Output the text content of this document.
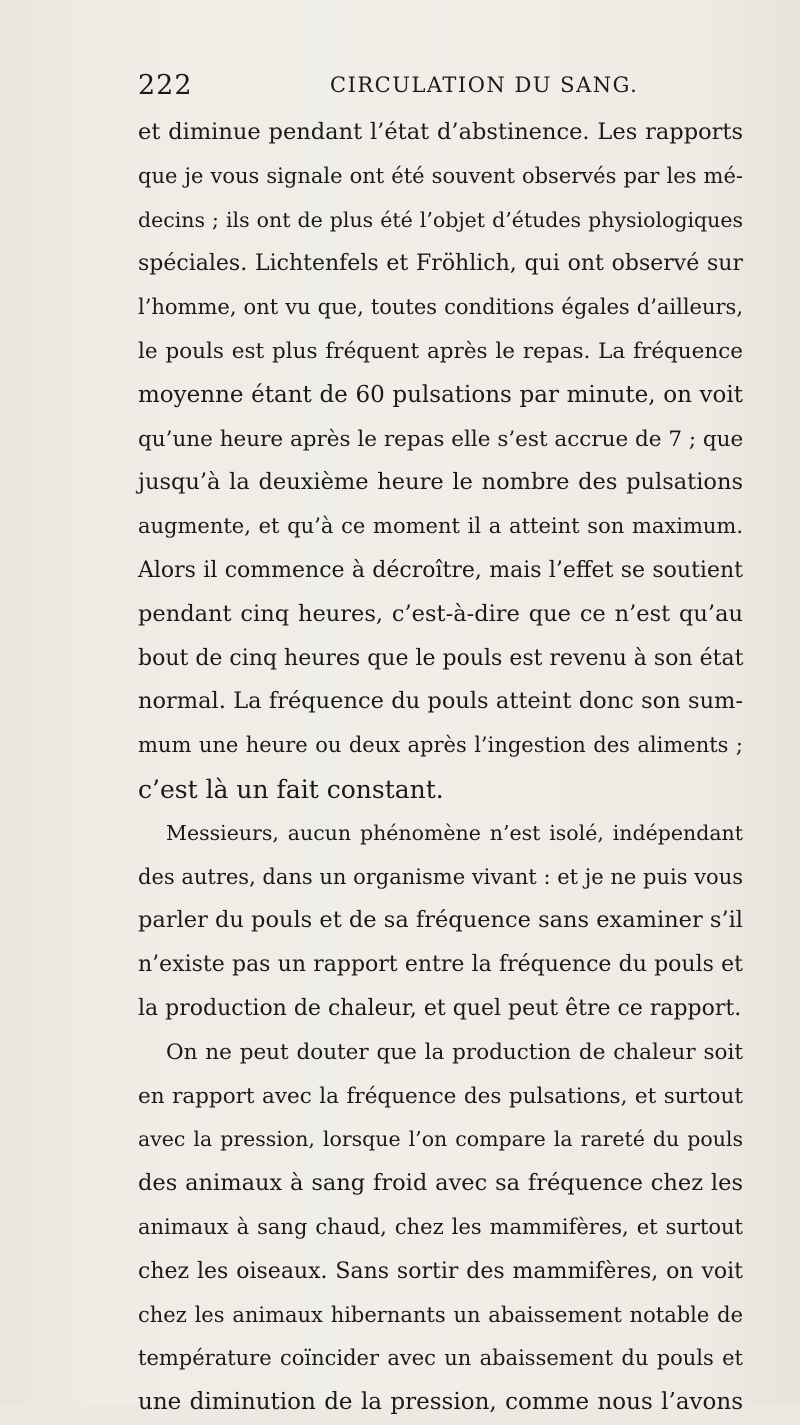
222	CIRCULATION DU SANG.
et diminue pendant l’état d’abstinence. Les rapports
que je vous signale ont été souvent observés par les mé-
decins ; ils ont de plus été l’objet d’études physiologiques
spéciales. Lichtenfels et Fröhlich, qui ont observé sur
l’homme, ont vu que, toutes conditions égales d’ailleurs,
le pouls est plus fréquent après le repas. La fréquence
moyenne étant de 60 pulsations par minute, on voit
qu’une heure après le repas elle s’est accrue de 7 ; que
jusqu’à la deuxième heure le nombre des pulsations
augmente, et qu’à ce moment il a atteint son maximum.
Alors il commence à décroître, mais l’effet se soutient
pendant cinq heures, c’est-à-dire que ce n’est qu’au
bout de cinq heures que le pouls est revenu à son état
normal. La fréquence du pouls atteint donc son sum-
mum une heure ou deux après l’ingestion des aliments ;
c’est là un fait constant.
Messieurs, aucun phénomène n’est isolé, indépendant
des autres, dans un organisme vivant : et je ne puis vous
parler du pouls et de sa fréquence sans examiner s’il
n’existe pas un rapport entre la fréquence du pouls et
la production de chaleur, et quel peut être ce rapport.
On ne peut douter que la production de chaleur soit
en rapport avec la fréquence des pulsations, et surtout
avec la pression, lorsque l’on compare la rareté du pouls
des animaux à sang froid avec sa fréquence chez les
animaux à sang chaud, chez les mammifères, et surtout
chez les oiseaux. Sans sortir des mammifères, on voit
chez les animaux hibernants un abaissement notable de
température coïncider avec un abaissement du pouls et
une diminution de la pression, comme nous l’avons
